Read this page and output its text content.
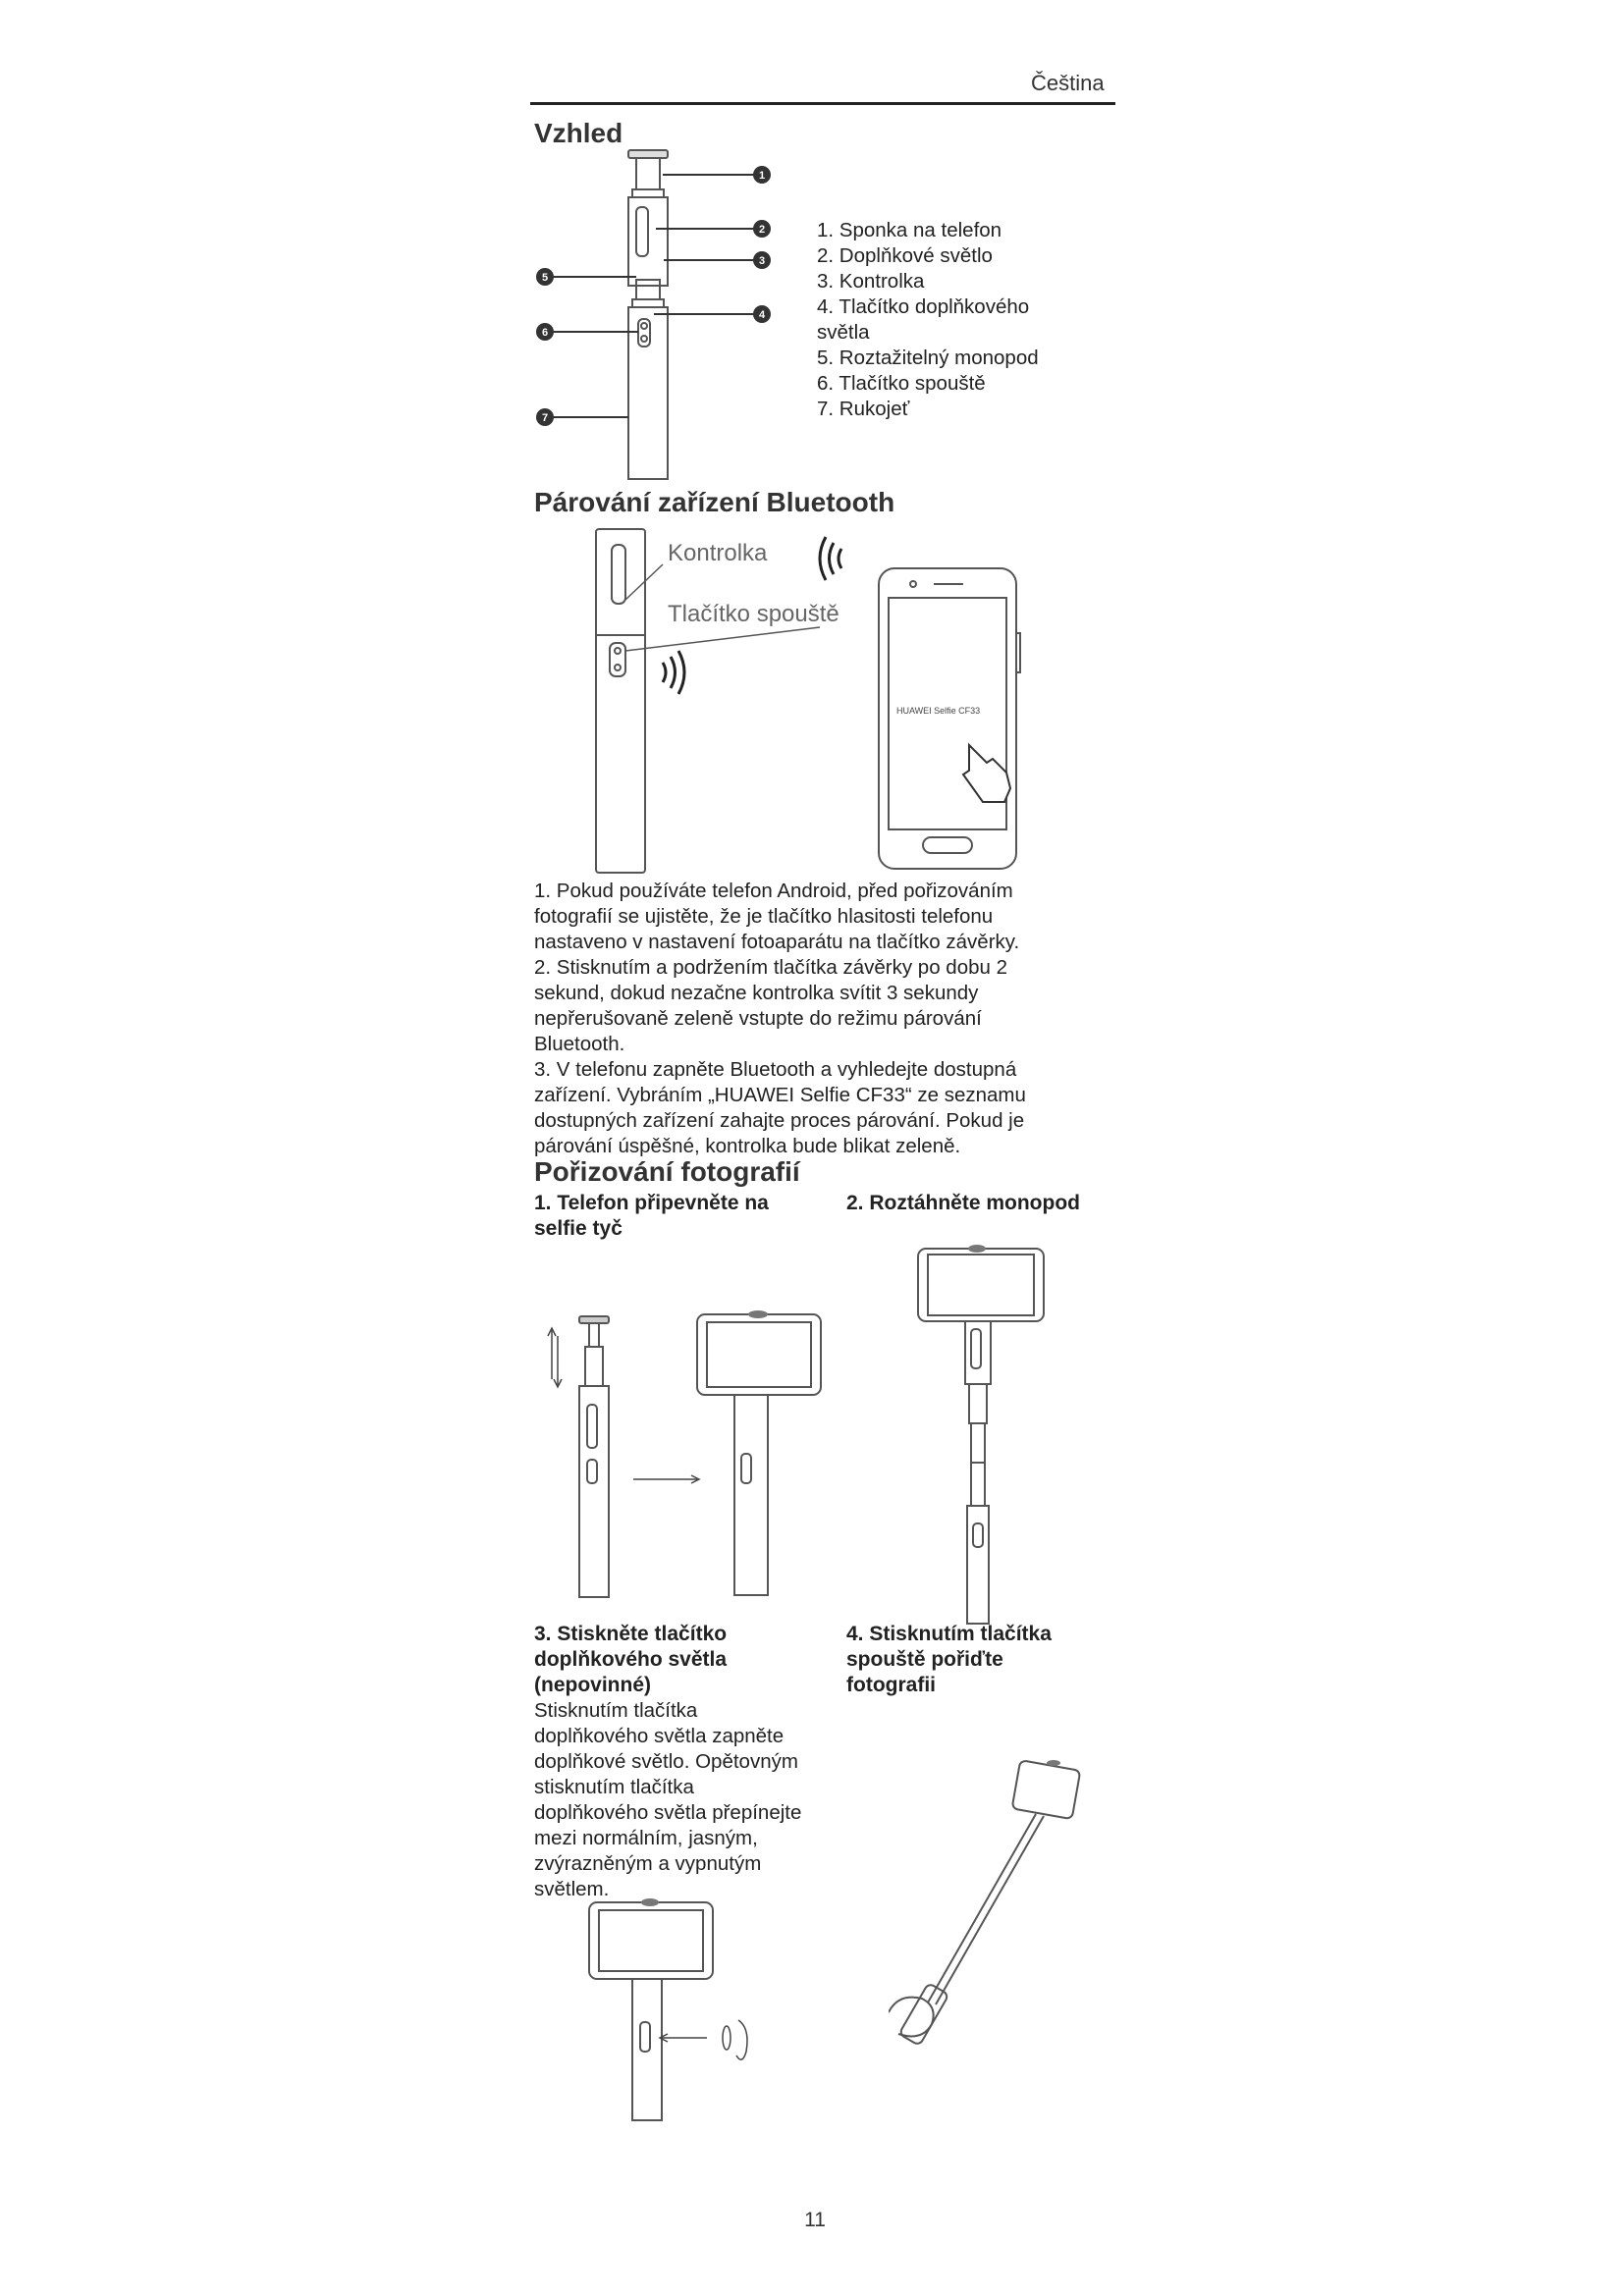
Čeština
Vzhled
1
2
3
4
5
6
7
1. Sponka na telefon
2. Doplňkové světlo
3. Kontrolka
4. Tlačítko doplňkového
světla
5. Roztažitelný monopod
6. Tlačítko spouště
7. Rukojeť
Párování zařízení Bluetooth
Kontrolka
Tlačítko spouště
HUAWEI Selfie CF33

1. Pokud používáte telefon Android, před pořizováním

fotografií se ujistěte, že je tlačítko hlasitosti telefonu

nastaveno v nastavení fotoaparátu na tlačítko závěrky.

2. Stisknutím a podržením tlačítka závěrky po dobu 2

sekund, dokud nezačne kontrolka svítit 3 sekundy

nepřerušovaně zeleně vstupte do režimu párování

Bluetooth.

3. V telefonu zapněte Bluetooth a vyhledejte dostupná

zařízení. Vybráním „HUAWEI Selfie CF33“ ze seznamu

dostupných zařízení zahajte proces párování. Pokud je

párování úspěšné, kontrolka bude blikat zeleně.

Pořizování fotografií
1. Telefon připevněte na
selfie tyč
2. Roztáhněte monopod
3. Stiskněte tlačítko
doplňkového světla
(nepovinné)

Stisknutím tlačítka

doplňkového světla zapněte

doplňkové světlo. Opětovným

stisknutím tlačítka

doplňkového světla přepínejte

mezi normálním, jasným,

zvýrazněným a vypnutým

světlem.

4. Stisknutím tlačítka
spouště pořiďte
fotografii
11
